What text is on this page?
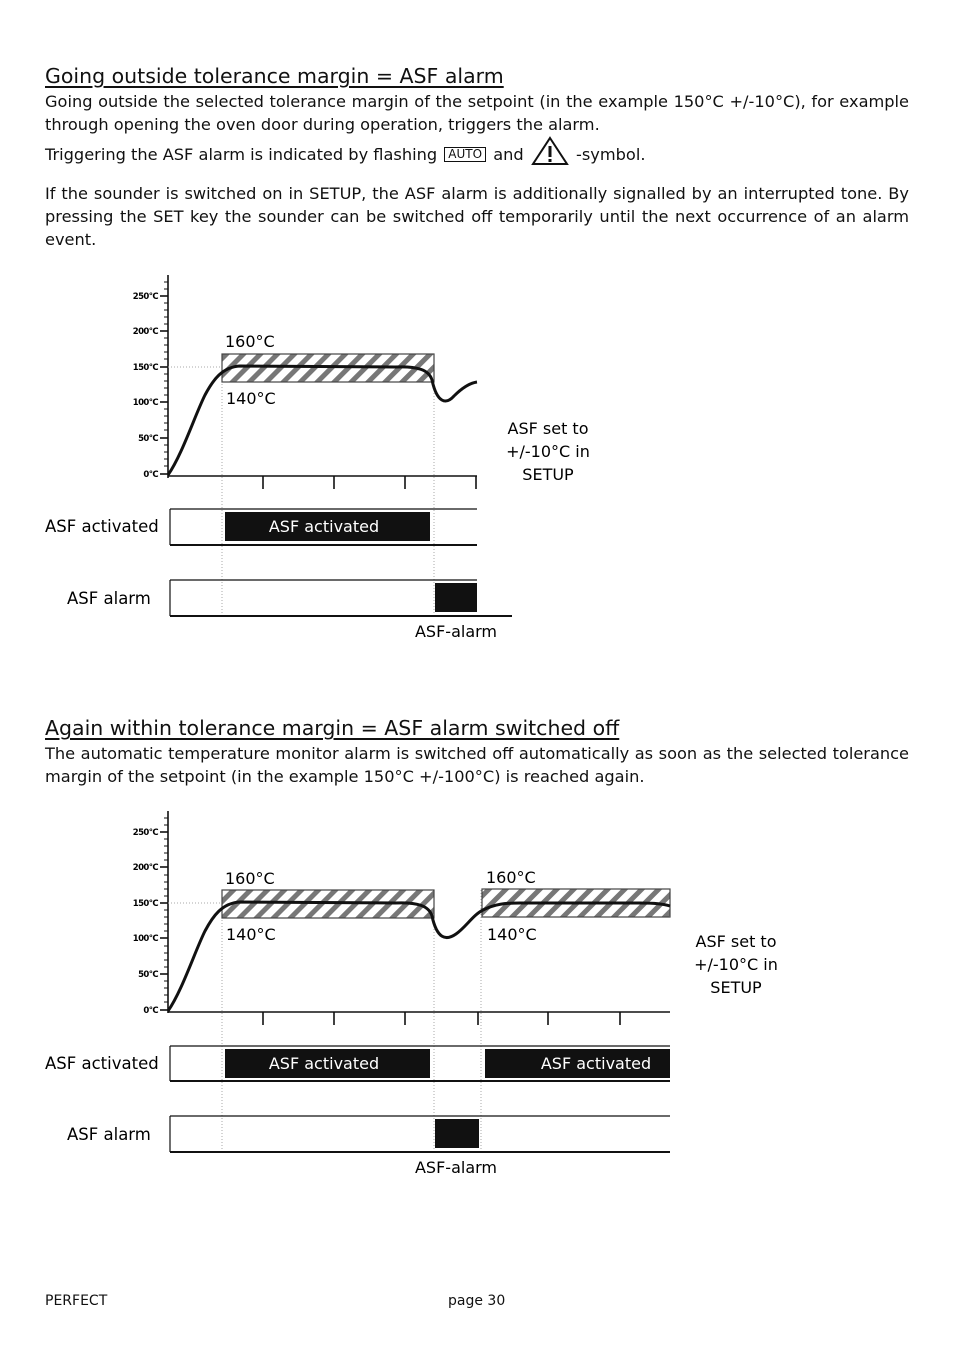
Going outside tolerance margin = ASF alarm
Going outside the selected tolerance margin of the setpoint (in the example 150°C +/-10°C), for example
through opening the oven door during operation, triggers the alarm.
Triggering the ASF alarm is indicated by flashing AUTO and	-symbol.

If the sounder is switched on in SETUP, the ASF alarm is additionally signalled by an interrupted tone. By pressing the SET key the sounder can be switched off temporarily until the next occurrence of an alarm event.

0°C
50°C
100°C
150°C
200°C
250°C
160°C
140°C
ASF set to
+/-10°C in
SETUP
ASF activated	ASF activated
ASF alarm
ASF-alarm
Again within tolerance margin = ASF alarm switched off

The automatic temperature monitor alarm is switched off automatically as soon as the selected tolerance margin of the setpoint (in the example 150°C +/-100°C) is reached again.

0°C
50°C
100°C
150°C
200°C
250°C
160°C
140°C
160°C
140°C	ASF set to
+/-10°C in
SETUP
ASF activated	ASF activated	ASF activated
ASF alarm
ASF-alarm
PERFECT	page 30
